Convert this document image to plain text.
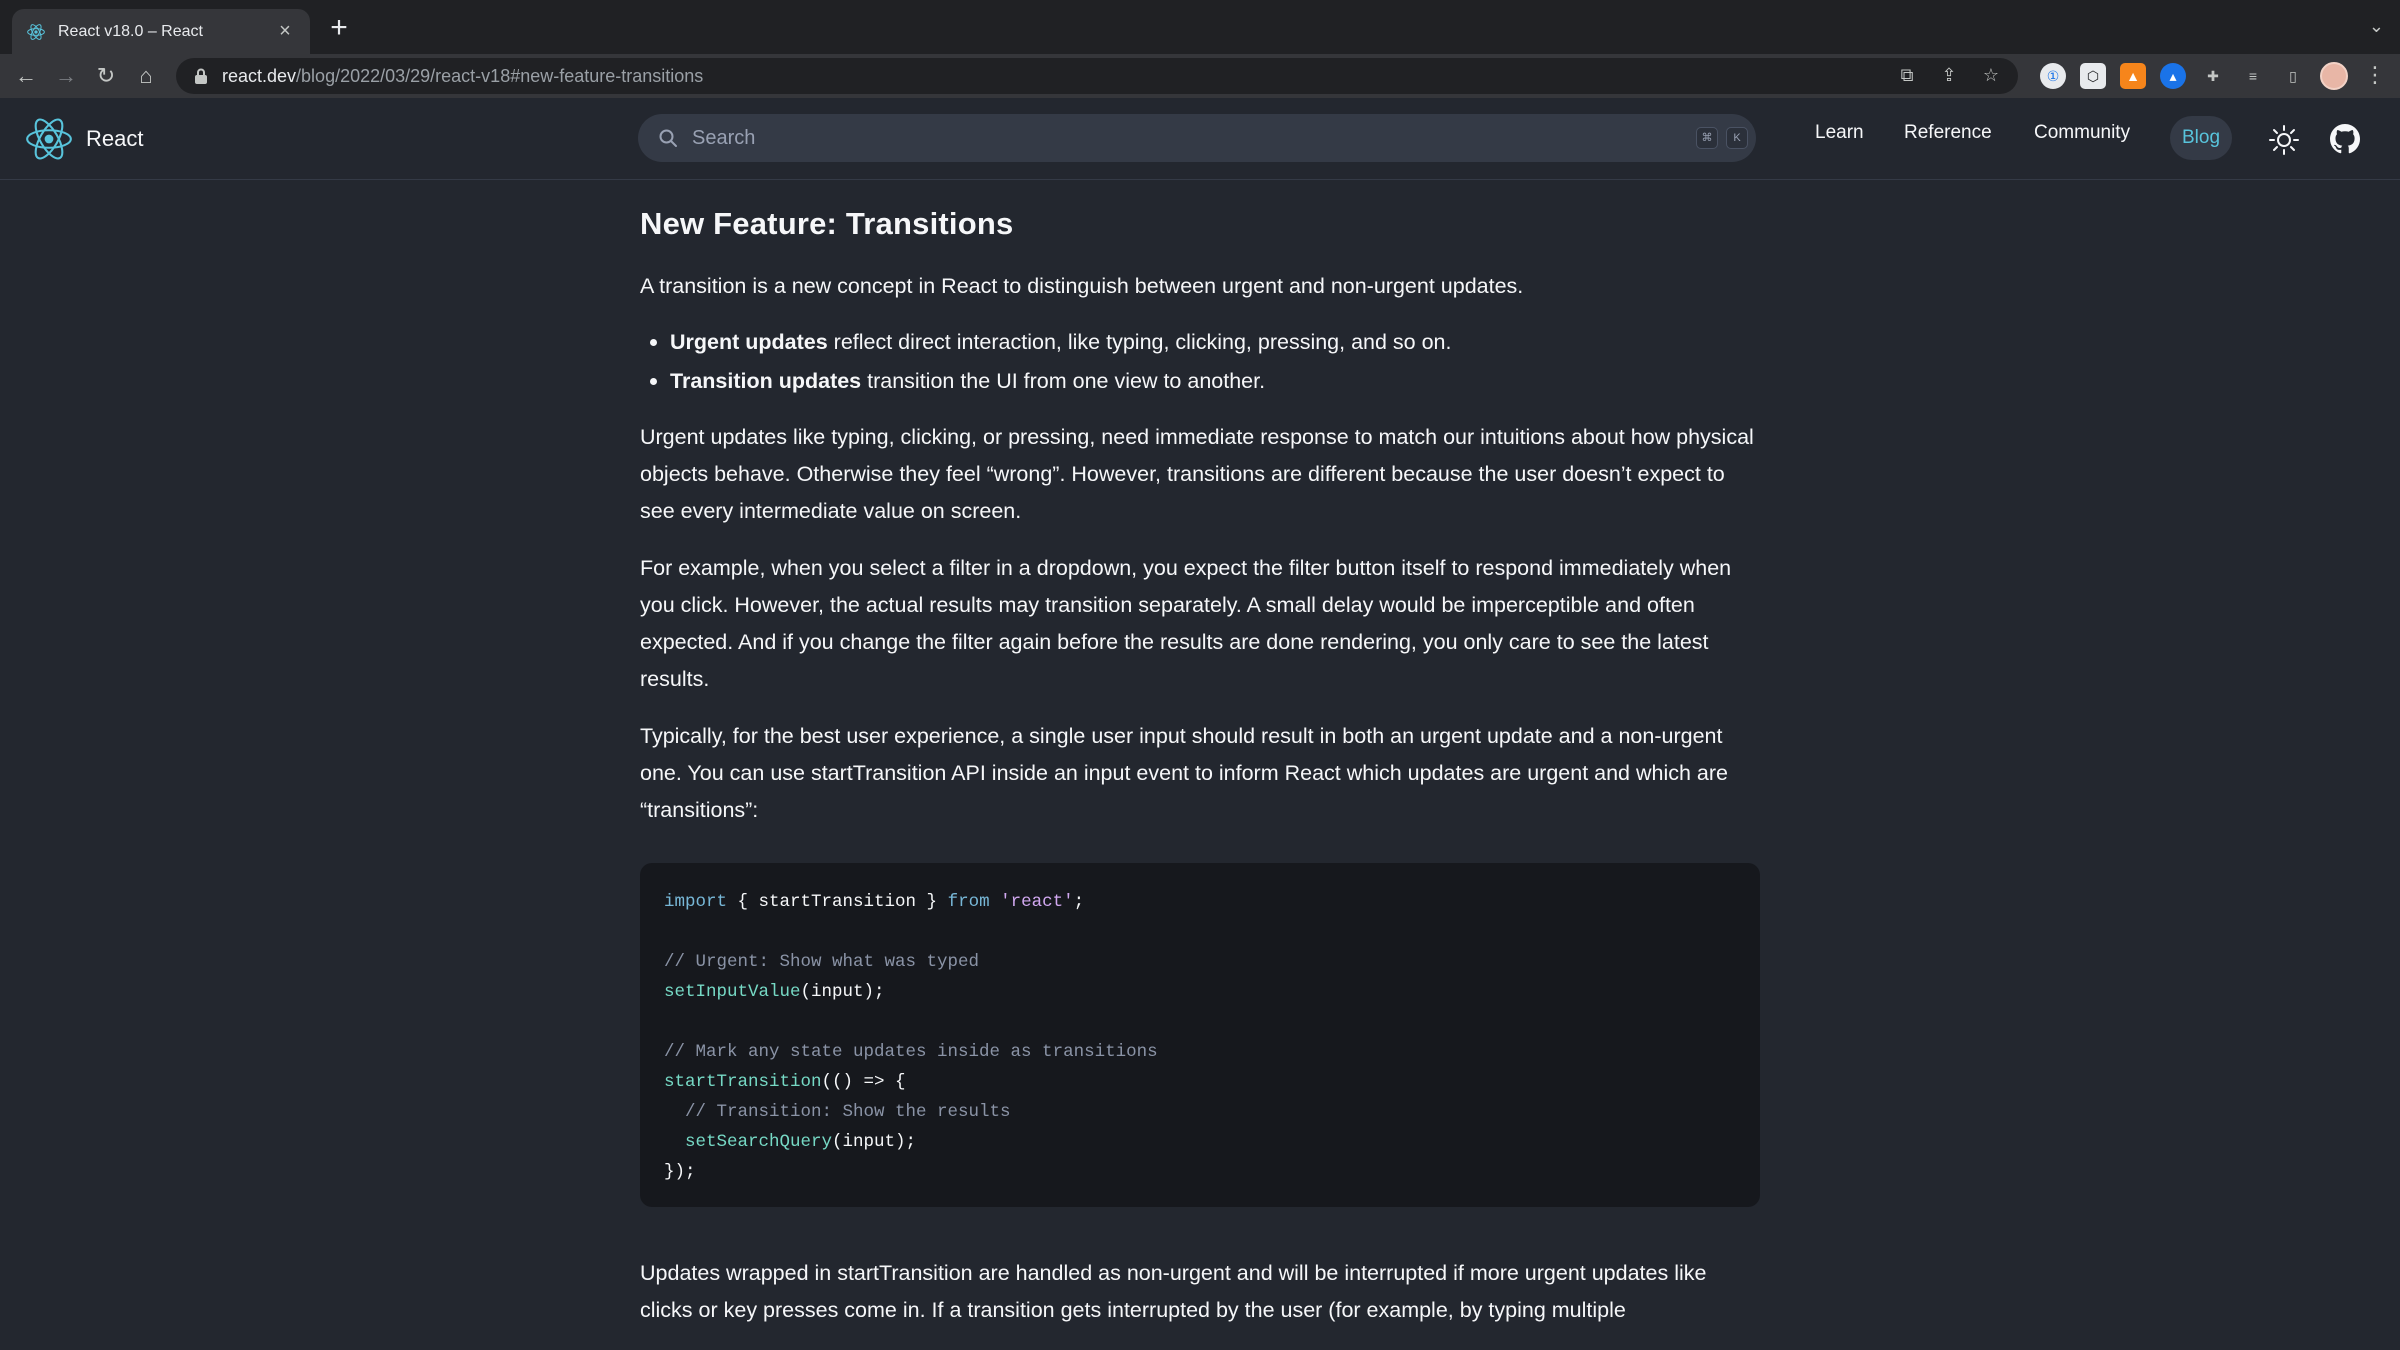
React v18.0 – React	× +	⌄
← → ↻	⌂	react.dev /blog/2022/03/29/react-v18#new-feature-transitions	⧉ ⇪ ☆	①	⬡	▲	▴	✚	≡	▯	⋮
React	Search	⌘	K	Learn Reference Community	Blog
New Feature: Transitions

A transition is a new concept in React to distinguish between urgent and non-urgent updates.

Urgent updates reflect direct interaction, like typing, clicking, pressing, and so on.
Transition updates transition the UI from one view to another.

Urgent updates like typing, clicking, or pressing, need immediate response to match our intuitions about how physical objects behave. Otherwise they feel “wrong”. However, transitions are different because the user doesn’t expect to see every intermediate value on screen.

For example, when you select a filter in a dropdown, you expect the filter button itself to respond immediately when you click. However, the actual results may transition separately. A small delay would be imperceptible and often expected. And if you change the filter again before the results are done rendering, you only care to see the latest results.

Typically, for the best user experience, a single user input should result in both an urgent update and a non-urgent one. You can use startTransition API inside an input event to inform React which updates are urgent and which are “transitions”:

import { startTransition } from 'react';

// Urgent: Show what was typed
setInputValue(input);

// Mark any state updates inside as transitions
startTransition(() => {
// Transition: Show the results
setSearchQuery(input);
});

Updates wrapped in startTransition are handled as non-urgent and will be interrupted if more urgent updates like clicks or key presses come in. If a transition gets interrupted by the user (for example, by typing multiple
